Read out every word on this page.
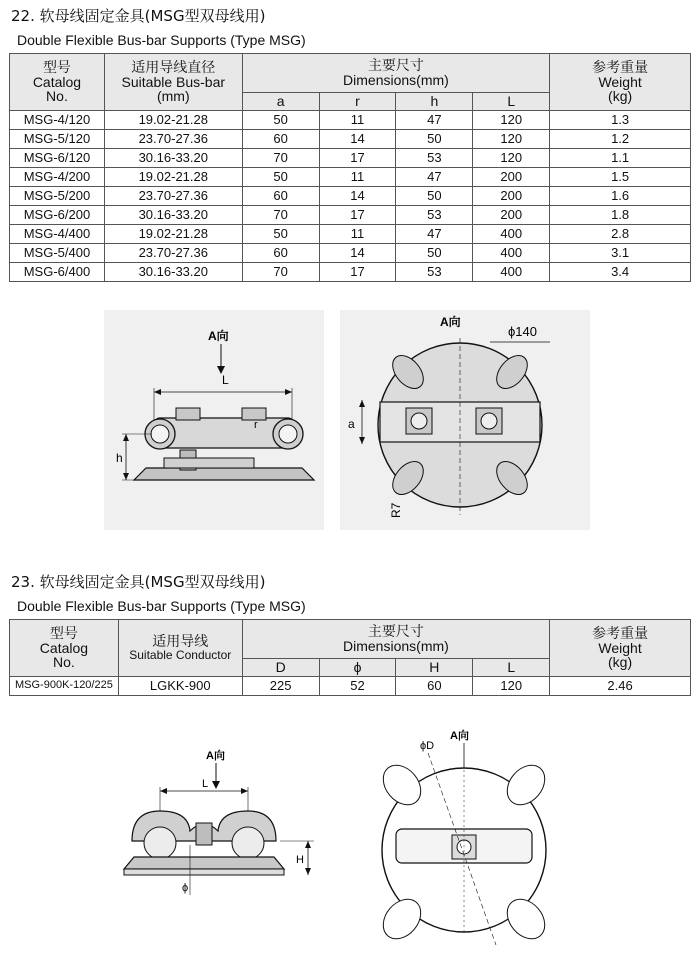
22. 软母线固定金具(MSG型双母线用)
Double Flexible Bus-bar Supports (Type MSG)
型号
Catalog
No.	适用导线直径
Suitable Bus-bar
(mm)	主要尺寸
Dimensions(mm)				参考重量
Weight
(kg)

		a	r	h	L	
MSG-4/120	19.02-21.28	50	11	47	120	1.3
MSG-5/120	23.70-27.36	60	14	50	120	1.2
MSG-6/120	30.16-33.20	70	17	53	120	1.1
MSG-4/200	19.02-21.28	50	11	47	200	1.5
MSG-5/200	23.70-27.36	60	14	50	200	1.6
MSG-6/200	30.16-33.20	70	17	53	200	1.8
MSG-4/400	19.02-21.28	50	11	47	400	2.8
MSG-5/400	23.70-27.36	60	14	50	400	3.1
MSG-6/400	30.16-33.20	70	17	53	400	3.4
A向
L
r
h
A向
ϕ140
a
R7
23. 软母线固定金具(MSG型双母线用)
Double Flexible Bus-bar Supports (Type MSG)
型号
Catalog
No.	适用导线
Suitable Conductor	主要尺寸
Dimensions(mm)				参考重量
Weight
(kg)

		D	ϕ	H	L	
MSG-900K-120/225	LGKK-900	225	52	60	120	2.46
A向
L
H
ϕ
ϕD
A向
